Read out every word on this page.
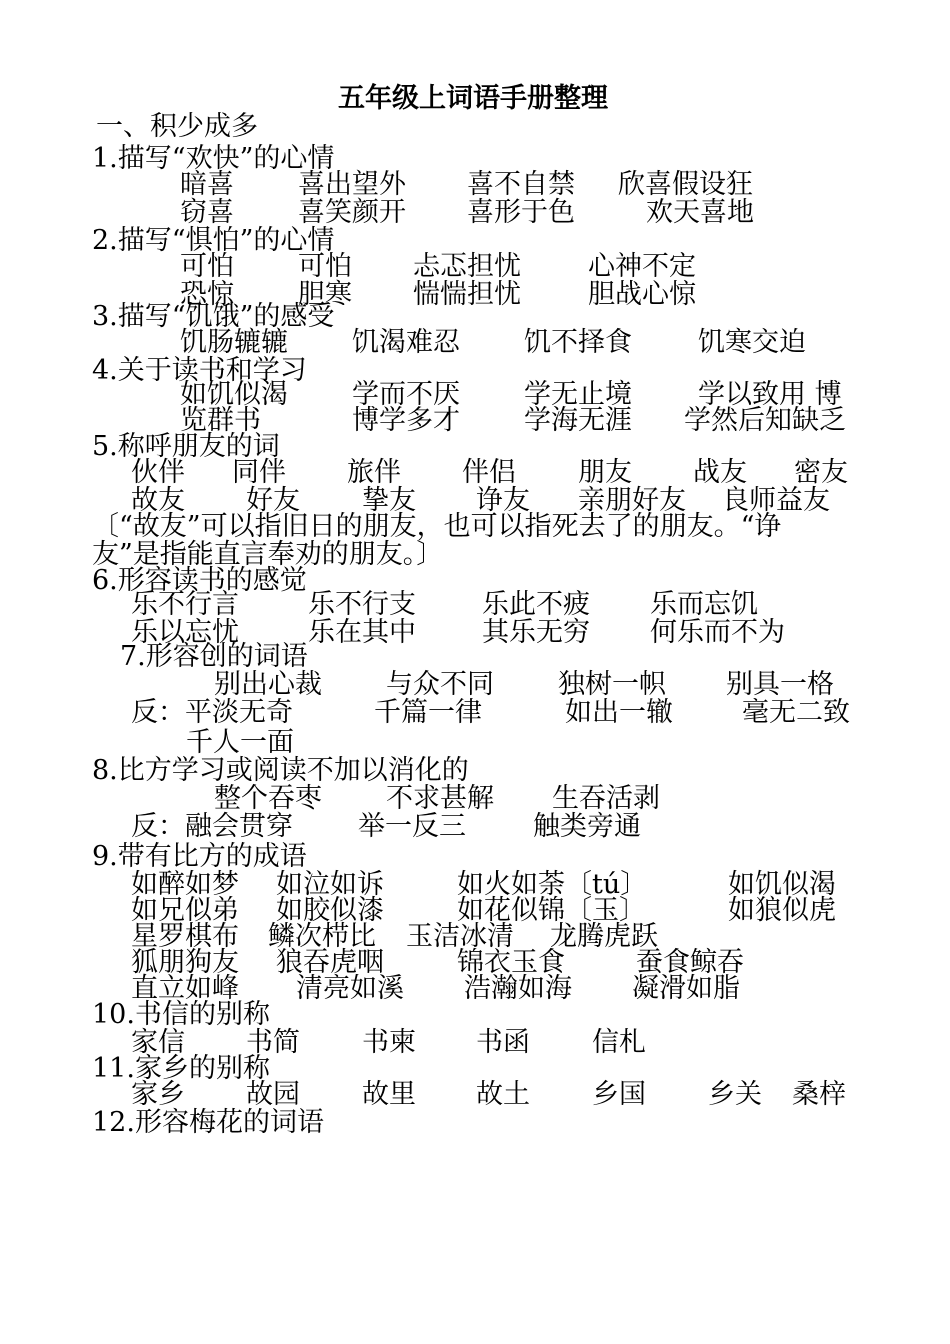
五年级上词语手册整理
一、积少成多
1.描写“欢快”的心情
暗喜 喜出望外 喜不自禁 欣喜假设狂
窃喜 喜笑颜开 喜形于色	欢天喜地
2.描写“惧怕”的心情
可怕 可怕 忐忑担忧 心神不定
恐惊 胆寒 惴惴担忧 胆战心惊
3.描写“饥饿”的感受
饥肠辘辘 饥渴难忍 饥不择食 饥寒交迫
4.关于读书和学习
如饥似渴 学而不厌 学无止境 学以致用 博
览群书	博学多才 学海无涯 学然后知缺乏
5.称呼朋友的词
伙伴 同伴 旅伴 伴侣 朋友 战友 密友
故友 好友 挚友 诤友 亲朋好友 良师益友
〔“故友”可以指旧日的朋友，也可以指死去了的朋友。“诤
友”是指能直言奉劝的朋友。〕
6.形容读书的感觉
乐不行言	乐不行支 乐此不疲 乐而忘饥
乐以忘忧	乐在其中 其乐无穷 何乐而不为
7.形容创的词语
别出心裁 与众不同 独树一帜 别具一格
反：平淡无奇	千篇一律	如出一辙	毫无二致
千人一面
8.比方学习或阅读不加以消化的
整个吞枣 不求甚解 生吞活剥
反：融会贯穿 举一反三 触类旁通
9.带有比方的成语
如醉如梦 如泣如诉	如火如荼〔tú〕	如饥似渴
如兄似弟 如胶似漆	如花似锦〔玉〕	如狼似虎
星罗棋布 鳞次栉比 玉洁冰清 龙腾虎跃
狐朋狗友 狼吞虎咽	锦衣玉食	蚕食鲸吞
直立如峰 清亮如溪 浩瀚如海 凝滑如脂
10.书信的别称
家信 书简 书柬 书函 信札
11.家乡的别称
家乡 故园 故里 故土 乡国 乡关 桑梓
12.形容梅花的词语
